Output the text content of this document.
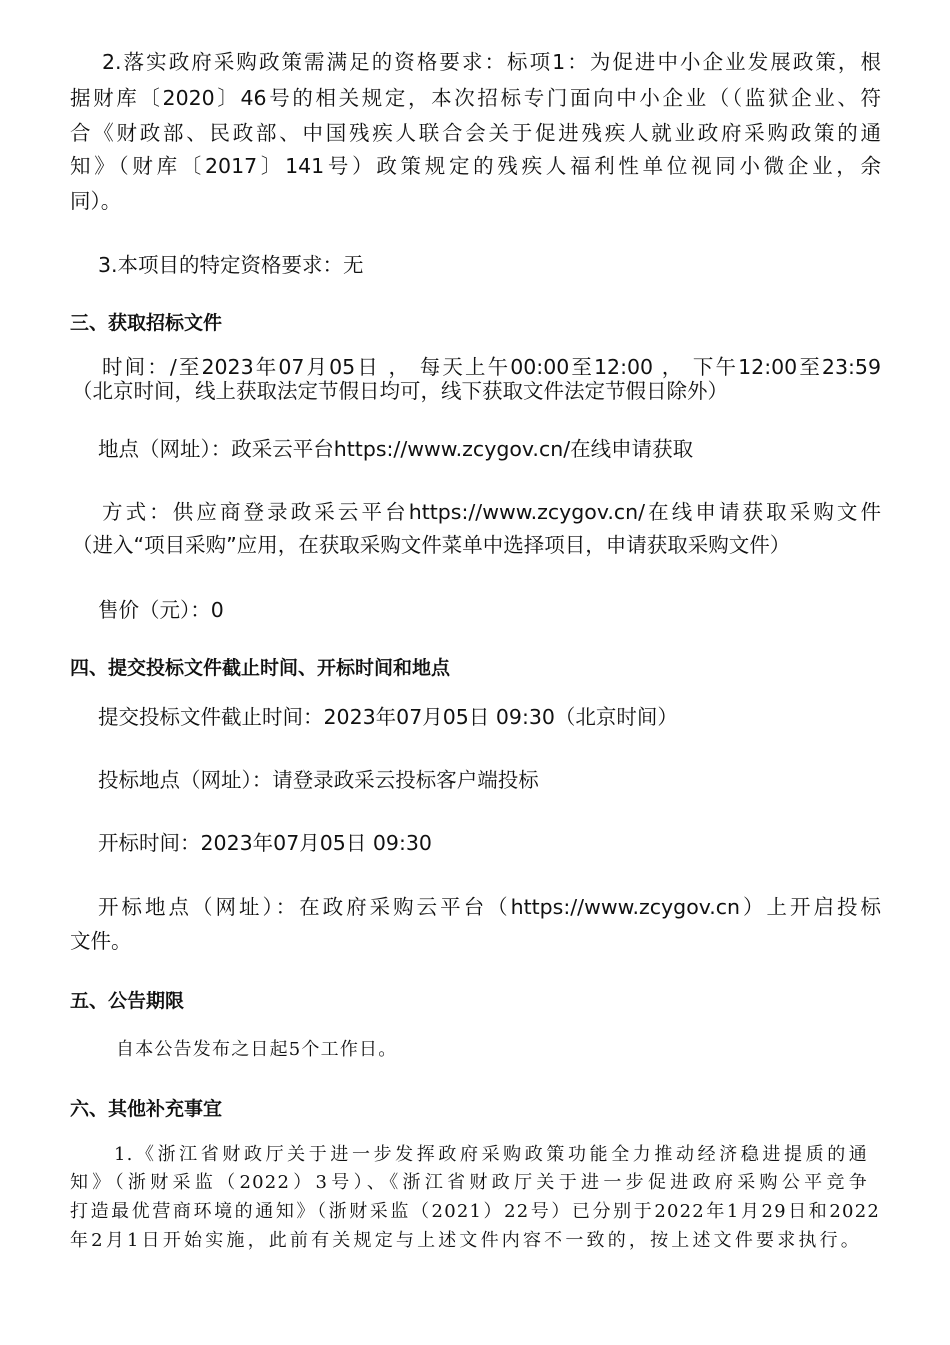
2.落实政府采购政策需满足的资格要求：标项1：为促进中小企业发展政策，根
据财库〔2020〕46号的相关规定，本次招标专门面向中小企业（（监狱企业、符
合《财政部、民政部、中国残疾人联合会关于促进残疾人就业政府采购政策的通
知》（财库〔2017〕141号）政策规定的残疾人福利性单位视同小微企业，余
同）。
3.本项目的特定资格要求：无
三、获取招标文件
时间：/至2023年07月05日 ， 每天上午00:00至12:00 ， 下午12:00至23:59
（北京时间，线上获取法定节假日均可，线下获取文件法定节假日除外）
地点（网址）：政采云平台https://www.zcygov.cn/在线申请获取
方式：供应商登录政采云平台https://www.zcygov.cn/在线申请获取采购文件
（进入“项目采购”应用，在获取采购文件菜单中选择项目，申请获取采购文件）
售价（元）：0
四、提交投标文件截止时间、开标时间和地点
提交投标文件截止时间：2023年07月05日 09:30（北京时间）
投标地点（网址）：请登录政采云投标客户端投标
开标时间：2023年07月05日 09:30
开标地点（网址）：在政府采购云平台（https://www.zcygov.cn）上开启投标
文件。
五、公告期限
自本公告发布之日起5个工作日。
六、其他补充事宜
1.《浙江省财政厅关于进一步发挥政府采购政策功能全力推动经济稳进提质的通
知》（浙财采监（2022）3号）、《浙江省财政厅关于进一步促进政府采购公平竞争
打造最优营商环境的通知》（浙财采监（2021）22号）已分别于2022年1月29日和2022
年2月1日开始实施，此前有关规定与上述文件内容不一致的，按上述文件要求执行。
